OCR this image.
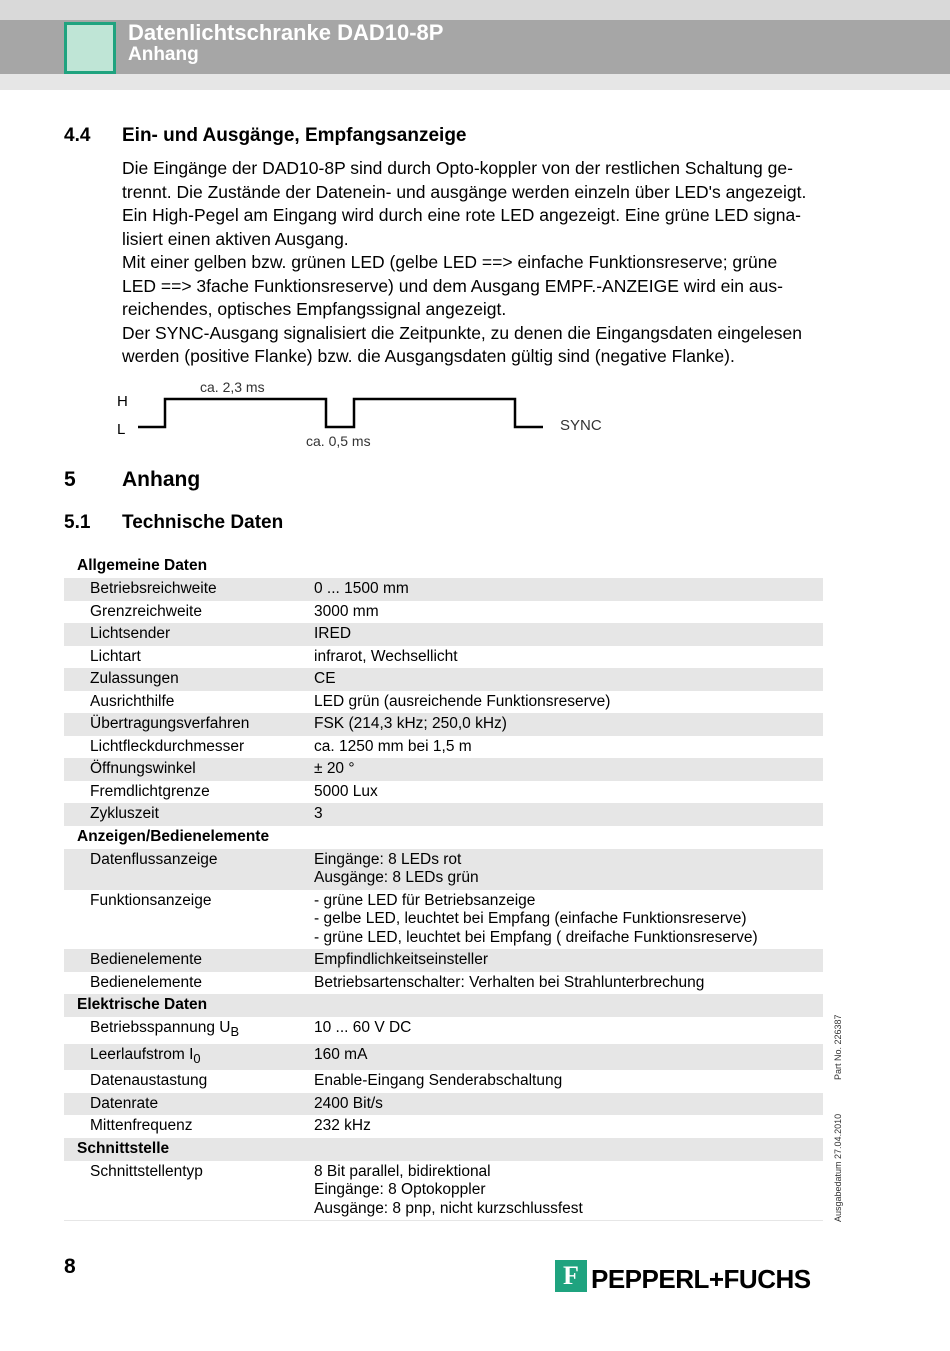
Datenlichtschranke DAD10-8P
Anhang
4.4 Ein- und Ausgänge, Empfangsanzeige

Die Eingänge der DAD10-8P sind durch Opto-koppler von der restlichen Schaltung ge-

trennt. Die Zustände der Datenein- und ausgänge werden einzeln über LED's angezeigt.

Ein High-Pegel am Eingang wird durch eine rote LED angezeigt. Eine grüne LED signa-

lisiert einen aktiven Ausgang.

Mit einer gelben bzw. grünen LED (gelbe LED ==> einfache Funktionsreserve; grüne

LED ==> 3fache Funktionsreserve) und dem Ausgang EMPF.-ANZEIGE wird ein aus-

reichendes, optisches Empfangssignal angezeigt.

Der SYNC-Ausgang signalisiert die Zeitpunkte, zu denen die Eingangsdaten eingelesen

werden (positive Flanke) bzw. die Ausgangsdaten gültig sind (negative Flanke).

H
L
ca. 2,3 ms
ca. 0,5 ms
SYNC
5 Anhang
5.1 Technische Daten
Allgemeine Daten	
Betriebsreichweite	0 ... 1500 mm
Grenzreichweite	3000 mm
Lichtsender	IRED
Lichtart	infrarot, Wechsellicht
Zulassungen	CE
Ausrichthilfe	LED grün (ausreichende Funktionsreserve)
Übertragungsverfahren	FSK (214,3 kHz; 250,0 kHz)
Lichtfleckdurchmesser	ca. 1250 mm bei 1,5 m
Öffnungswinkel	± 20 °
Fremdlichtgrenze	5000 Lux
Zykluszeit	3
Anzeigen/Bedienelemente	
Datenflussanzeige	Eingänge: 8 LEDs rot
Ausgänge: 8 LEDs grün

Funktionsanzeige	- grüne LED für Betriebsanzeige
- gelbe LED, leuchtet bei Empfang (einfache Funktionsreserve)
- grüne LED, leuchtet bei Empfang ( dreifache Funktionsreserve)

Bedienelemente	Empfindlichkeitseinsteller
Bedienelemente	Betriebsartenschalter: Verhalten bei Strahlunterbrechung
Elektrische Daten	
Betriebsspannung $U_B$	10 ... 60 V DC
Leerlaufstrom $I_0$	160 mA
Datenaustastung	Enable-Eingang Senderabschaltung
Datenrate	2400 Bit/s
Mittenfrequenz	232 kHz
Schnittstelle	
Schnittstellentyp	8 Bit parallel, bidirektional
Eingänge: 8 Optokoppler
Ausgänge: 8 pnp, nicht kurzschlussfest
Part No. 226387
Ausgabedatum 27.04.2010
8	F PEPPERL+FUCHS
